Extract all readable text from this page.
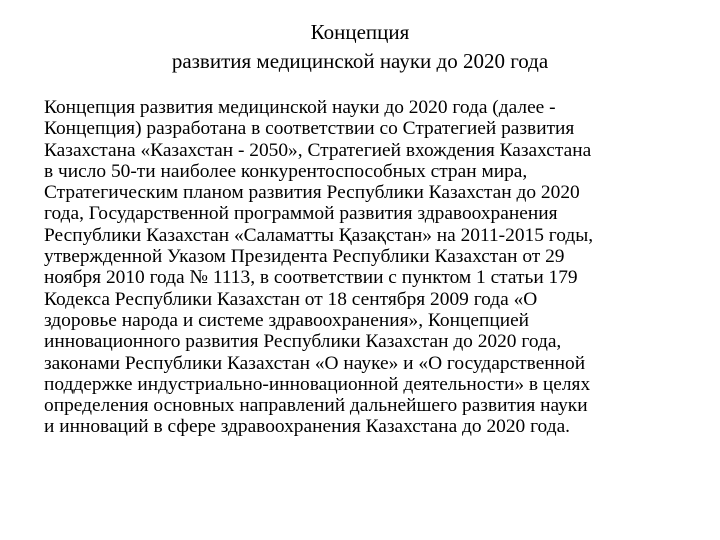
Концепция
развития медицинской науки до 2020 года
Концепция развития медицинской науки до 2020 года (далее -
Концепция) разработана в соответствии со Стратегией развития
Казахстана «Казахстан - 2050», Стратегией вхождения Казахстана
в число 50-ти наиболее конкурентоспособных стран мира,
Стратегическим планом развития Республики Казахстан до 2020
года, Государственной программой развития здравоохранения
Республики Казахстан «Саламатты Қазақстан» на 2011-2015 годы,
утвержденной Указом Президента Республики Казахстан от 29
ноября 2010 года № 1113, в соответствии с пунктом 1 статьи 179
Кодекса Республики Казахстан от 18 сентября 2009 года «О
здоровье народа и системе здравоохранения», Концепцией
инновационного развития Республики Казахстан до 2020 года,
законами Республики Казахстан «О науке» и «О государственной
поддержке индустриально-инновационной деятельности» в целях
определения основных направлений дальнейшего развития науки
и инноваций в сфере здравоохранения Казахстана до 2020 года.
